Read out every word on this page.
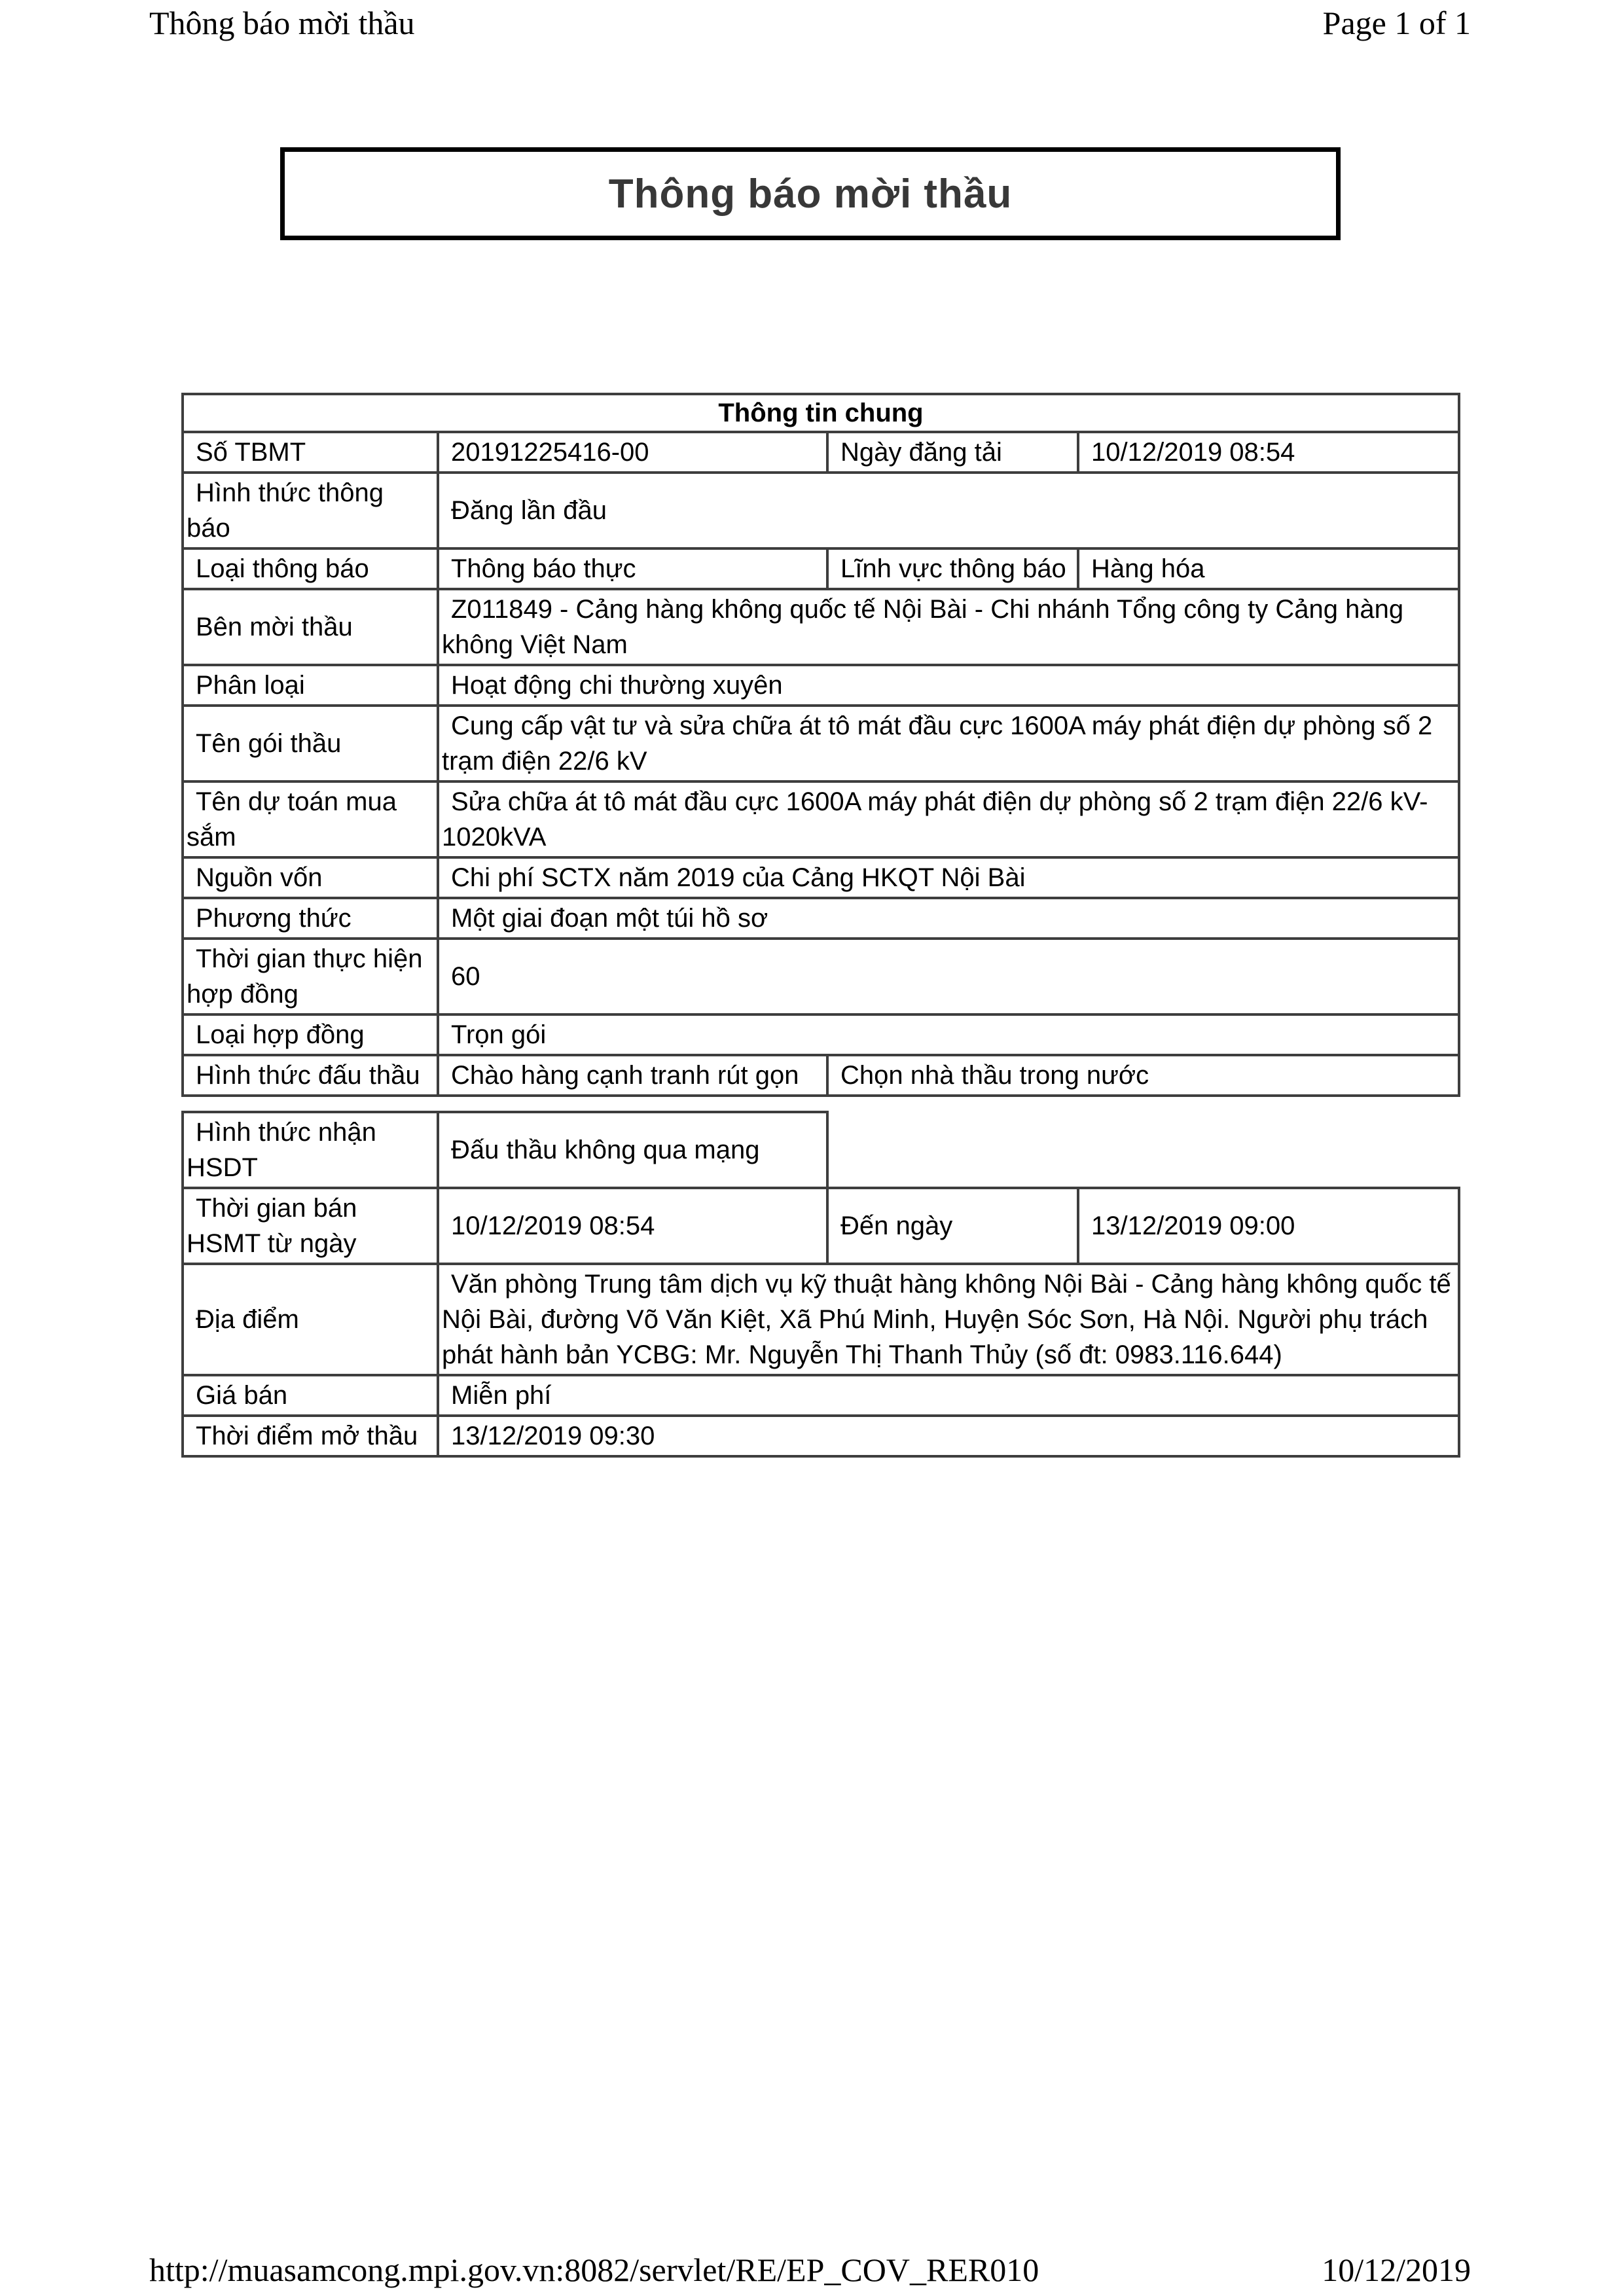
Thông báo mời thầu	Page 1 of 1
Thông báo mời thầu
Thông tin chung			
Số TBMT	20191225416-00	Ngày đăng tải	10/12/2019 08:54
Hình thức thông báo	Đăng lần đầu		
Loại thông báo	Thông báo thực	Lĩnh vực thông báo	Hàng hóa
Bên mời thầu	Z011849 - Cảng hàng không quốc tế Nội Bài - Chi nhánh Tổng công ty Cảng hàng không Việt Nam		
Phân loại	Hoạt động chi thường xuyên		
Tên gói thầu	Cung cấp vật tư và sửa chữa át tô mát đầu cực 1600A máy phát điện dự phòng số 2 trạm điện 22/6 kV		
Tên dự toán mua sắm	Sửa chữa át tô mát đầu cực 1600A máy phát điện dự phòng số 2 trạm điện 22/6 kV-1020kVA		
Nguồn vốn	Chi phí SCTX năm 2019 của Cảng HKQT Nội Bài		
Phương thức	Một giai đoạn một túi hồ sơ		
Thời gian thực hiện hợp đồng	60		
Loại hợp đồng	Trọn gói		
Hình thức đấu thầu	Chào hàng cạnh tranh rút gọn	Chọn nhà thầu trong nước	
Hình thức nhận HSDT	Đấu thầu không qua mạng		
Thời gian bán HSMT từ ngày	10/12/2019 08:54	Đến ngày	13/12/2019 09:00
Địa điểm	Văn phòng Trung tâm dịch vụ kỹ thuật hàng không Nội Bài - Cảng hàng không quốc tế Nội Bài, đường Võ Văn Kiệt, Xã Phú Minh, Huyện Sóc Sơn, Hà Nội. Người phụ trách phát hành bản YCBG: Mr. Nguyễn Thị Thanh Thủy (số đt: 0983.116.644)		
Giá bán	Miễn phí		
Thời điểm mở thầu	13/12/2019 09:30		
http://muasamcong.mpi.gov.vn:8082/servlet/RE/EP_COV_RER010	10/12/2019
